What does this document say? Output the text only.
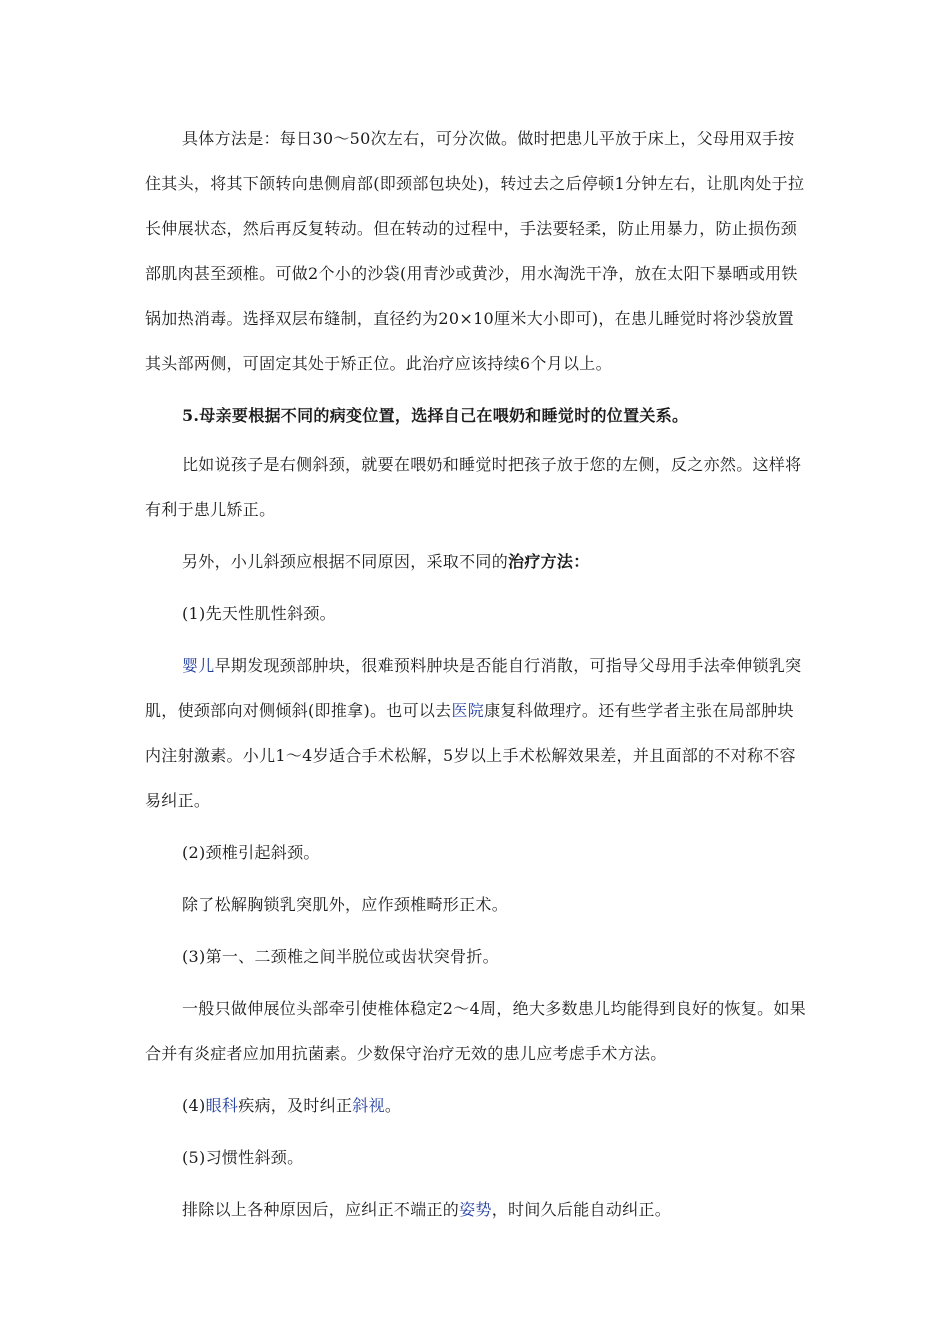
具体方法是：每日30～50次左右，可分次做。做时把患儿平放于床上，父母用双手按住其头，将其下颌转向患侧肩部(即颈部包块处)，转过去之后停顿1分钟左右，让肌肉处于拉长伸展状态，然后再反复转动。但在转动的过程中，手法要轻柔，防止用暴力，防止损伤颈部肌肉甚至颈椎。可做2个小的沙袋(用青沙或黄沙，用水淘洗干净，放在太阳下暴晒或用铁锅加热消毒。选择双层布缝制，直径约为20×10厘米大小即可)，在患儿睡觉时将沙袋放置其头部两侧，可固定其处于矫正位。此治疗应该持续6个月以上。

5.母亲要根据不同的病变位置，选择自己在喂奶和睡觉时的位置关系。

比如说孩子是右侧斜颈，就要在喂奶和睡觉时把孩子放于您的左侧，反之亦然。这样将有利于患儿矫正。

另外，小儿斜颈应根据不同原因，采取不同的治疗方法：

(1)先天性肌性斜颈。

婴儿早期发现颈部肿块，很难预料肿块是否能自行消散，可指导父母用手法牵伸锁乳突肌，使颈部向对侧倾斜(即推拿)。也可以去医院康复科做理疗。还有些学者主张在局部肿块内注射激素。小儿1～4岁适合手术松解，5岁以上手术松解效果差，并且面部的不对称不容易纠正。

(2)颈椎引起斜颈。

除了松解胸锁乳突肌外，应作颈椎畸形正术。

(3)第一、二颈椎之间半脱位或齿状突骨折。

一般只做伸展位头部牵引使椎体稳定2～4周，绝大多数患儿均能得到良好的恢复。如果合并有炎症者应加用抗菌素。少数保守治疗无效的患儿应考虑手术方法。

(4)眼科疾病，及时纠正斜视。

(5)习惯性斜颈。

排除以上各种原因后，应纠正不端正的姿势，时间久后能自动纠正。
